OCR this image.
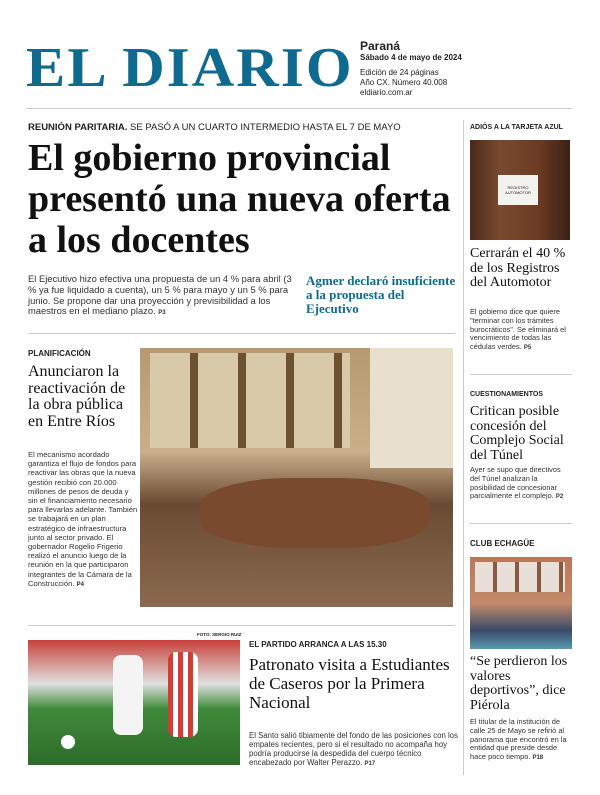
EL DIARIO Paraná
Sábado 4 de mayo de 2024
Edición de 24 páginas
Año CX. Número 40.008
eldiario.com.ar
REUNIÓN PARITARIA. SE PASÓ A UN CUARTO INTERMEDIO HASTA EL 7 DE MAYO
El gobierno provincial presentó una nueva oferta a los docentes
El Ejecutivo hizo efectiva una propuesta de un 4 % para abril (3 % ya fue liquidado a cuenta), un 5 % para mayo y un 5 % para junio. Se propone dar una proyección y previsibilidad a los maestros en el mediano plazo. P3
Agmer declaró insuficiente a la propuesta del Ejecutivo
PLANIFICACIÓN
Anunciaron la reactivación de la obra pública en Entre Ríos
El mecanismo acordado garantiza el flujo de fondos para reactivar las obras que la nueva gestión recibió con 20.000 millones de pesos de deuda y sin el financiamiento necesario para llevarlas adelante. También se trabajará en un plan estratégico de infraestructura junto al sector privado. El gobernador Rogelio Frigerio realizó el anuncio luego de la reunión en la que participaron integrantes de la Cámara de la Construcción. P4
FOTO: SERGIO RUIZ
EL PARTIDO ARRANCA A LAS 15.30
Patronato visita a Estudiantes de Caseros por la Primera Nacional
El Santo salió tibiamente del fondo de las posiciones con los empates recientes, pero si el resultado no acompaña hoy podría producirse la despedida del cuerpo técnico encabezado por Walter Perazzo. P17
ADIÓS A LA TARJETA AZUL
REGISTRO AUTOMOTOR
Cerrarán el 40 % de los Registros del Automotor
El gobierno dice que quiere "terminar con los trámites burocráticos". Se eliminará el vencimiento de todas las cédulas verdes. P5
CUESTIONAMIENTOS
Critican posible concesión del Complejo Social del Túnel
Ayer se supo que directivos del Túnel analizan la posibilidad de concesionar parcialmente el complejo. P2
CLUB ECHAGÜE
“Se perdieron los valores deportivos”, dice Piérola
El titular de la institución de calle 25 de Mayo se refirió al panorama que encontró en la entidad que preside desde hace poco tiempo. P18
